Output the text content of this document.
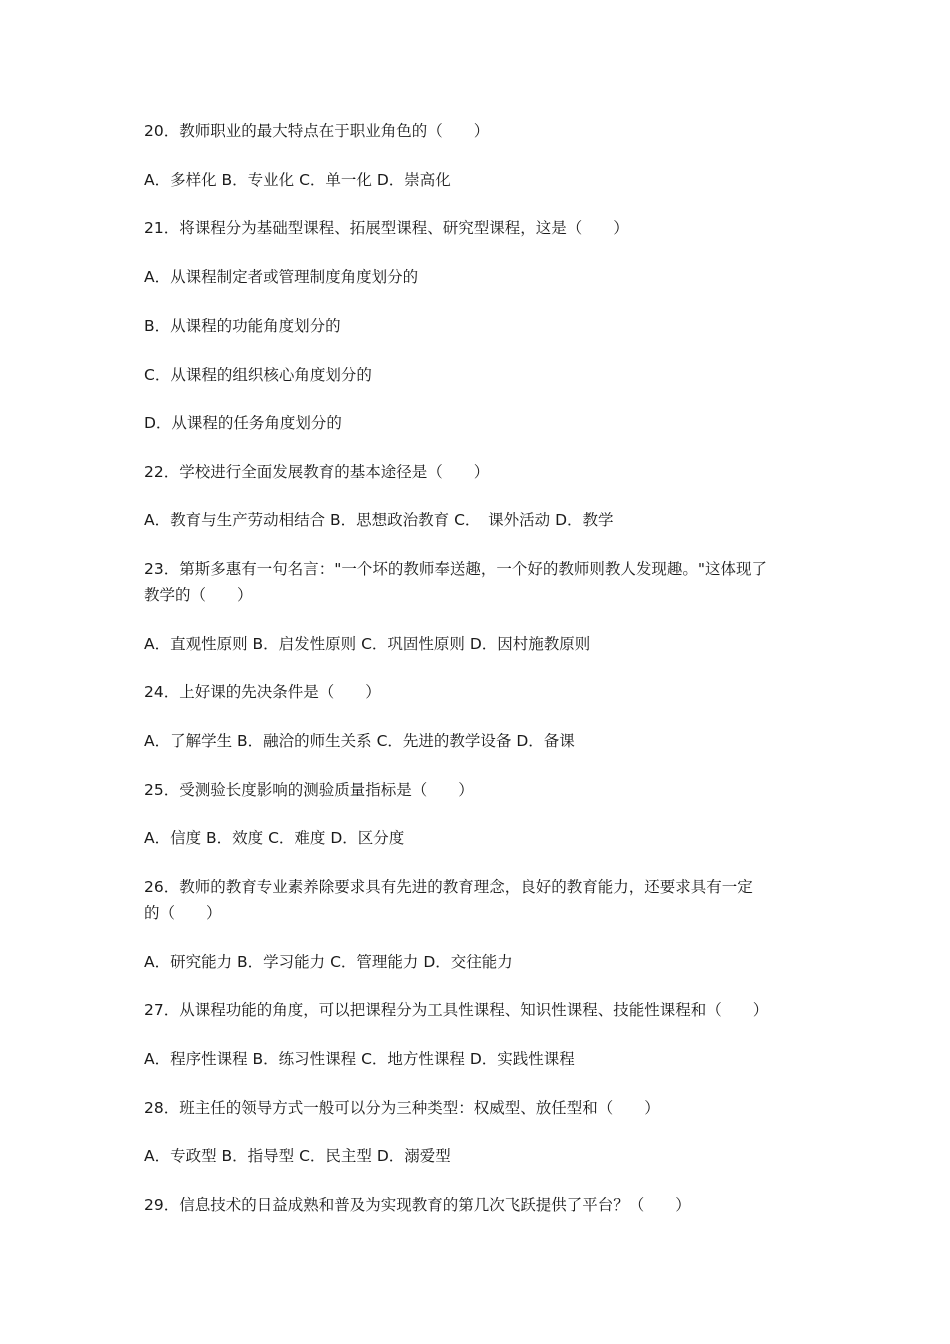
20．教师职业的最大特点在于职业角色的（　　）
A．多样化 B．专业化 C．单一化 D．崇高化
21．将课程分为基础型课程、拓展型课程、研究型课程，这是（　　）
A．从课程制定者或管理制度角度划分的
B．从课程的功能角度划分的
C．从课程的组织核心角度划分的
D．从课程的任务角度划分的
22．学校进行全面发展教育的基本途径是（　　）
A．教育与生产劳动相结合 B．思想政治教育 C．　课外活动 D．教学
23．第斯多惠有一句名言："一个坏的教师奉送趣，一个好的教师则教人发现趣。"这体现了
教学的（　　）
A．直观性原则 B．启发性原则 C．巩固性原则 D．因村施教原则
24．上好课的先决条件是（　　）
A．了解学生 B．融洽的师生关系 C．先进的教学设备 D．备课
25．受测验长度影响的测验质量指标是（　　）
A．信度 B．效度 C．难度 D．区分度
26．教师的教育专业素养除要求具有先进的教育理念，良好的教育能力，还要求具有一定
的（　　）
A．研究能力 B．学习能力 C．管理能力 D．交往能力
27．从课程功能的角度，可以把课程分为工具性课程、知识性课程、技能性课程和（　　）
A．程序性课程 B．练习性课程 C．地方性课程 D．实践性课程
28．班主任的领导方式一般可以分为三种类型：权威型、放任型和（　　）
A．专政型 B．指导型 C．民主型 D．溺爱型
29．信息技术的日益成熟和普及为实现教育的第几次飞跃提供了平台？（　　）
